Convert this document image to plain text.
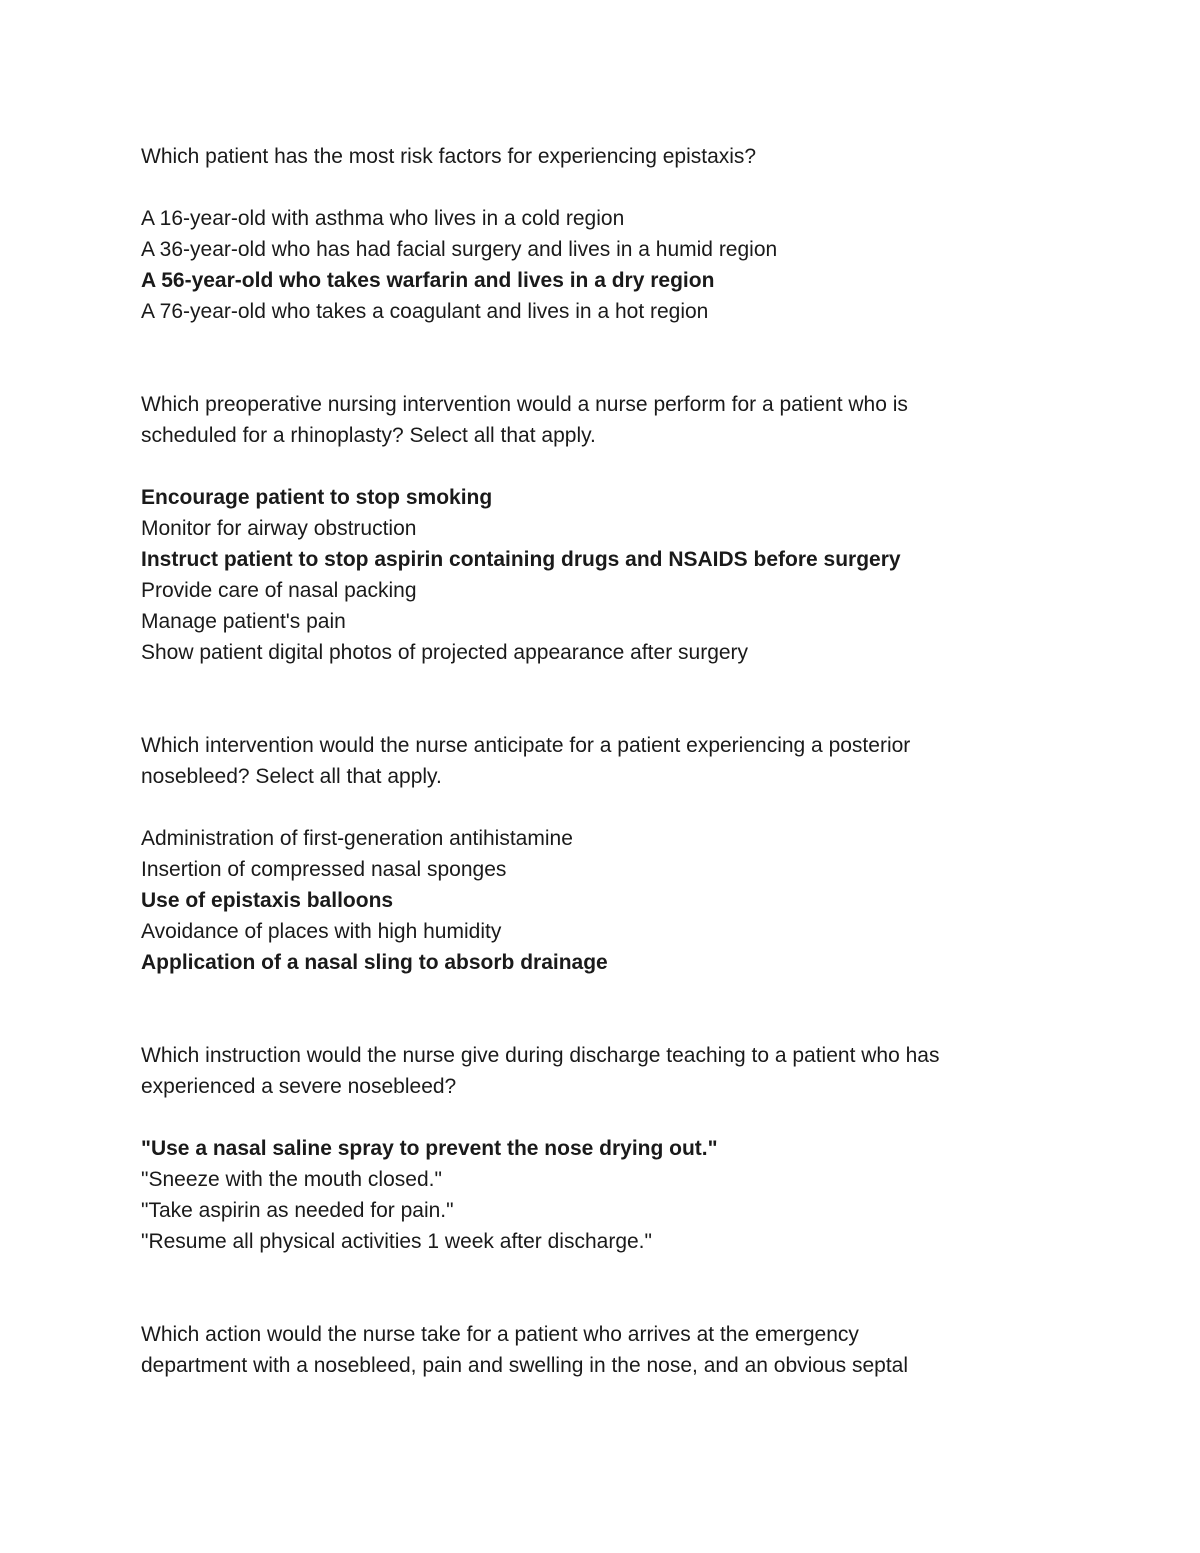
Which patient has the most risk factors for experiencing epistaxis?

A 16-year-old with asthma who lives in a cold region

A 36-year-old who has had facial surgery and lives in a humid region

A 56-year-old who takes warfarin and lives in a dry region

A 76-year-old who takes a coagulant and lives in a hot region

Which preoperative nursing intervention would a nurse perform for a patient who is

scheduled for a rhinoplasty? Select all that apply.

Encourage patient to stop smoking

Monitor for airway obstruction

Instruct patient to stop aspirin containing drugs and NSAIDS before surgery

Provide care of nasal packing

Manage patient's pain

Show patient digital photos of projected appearance after surgery

Which intervention would the nurse anticipate for a patient experiencing a posterior

nosebleed? Select all that apply.

Administration of first-generation antihistamine

Insertion of compressed nasal sponges

Use of epistaxis balloons

Avoidance of places with high humidity

Application of a nasal sling to absorb drainage

Which instruction would the nurse give during discharge teaching to a patient who has

experienced a severe nosebleed?

"Use a nasal saline spray to prevent the nose drying out."

"Sneeze with the mouth closed."

"Take aspirin as needed for pain."

"Resume all physical activities 1 week after discharge."

Which action would the nurse take for a patient who arrives at the emergency

department with a nosebleed, pain and swelling in the nose, and an obvious septal
